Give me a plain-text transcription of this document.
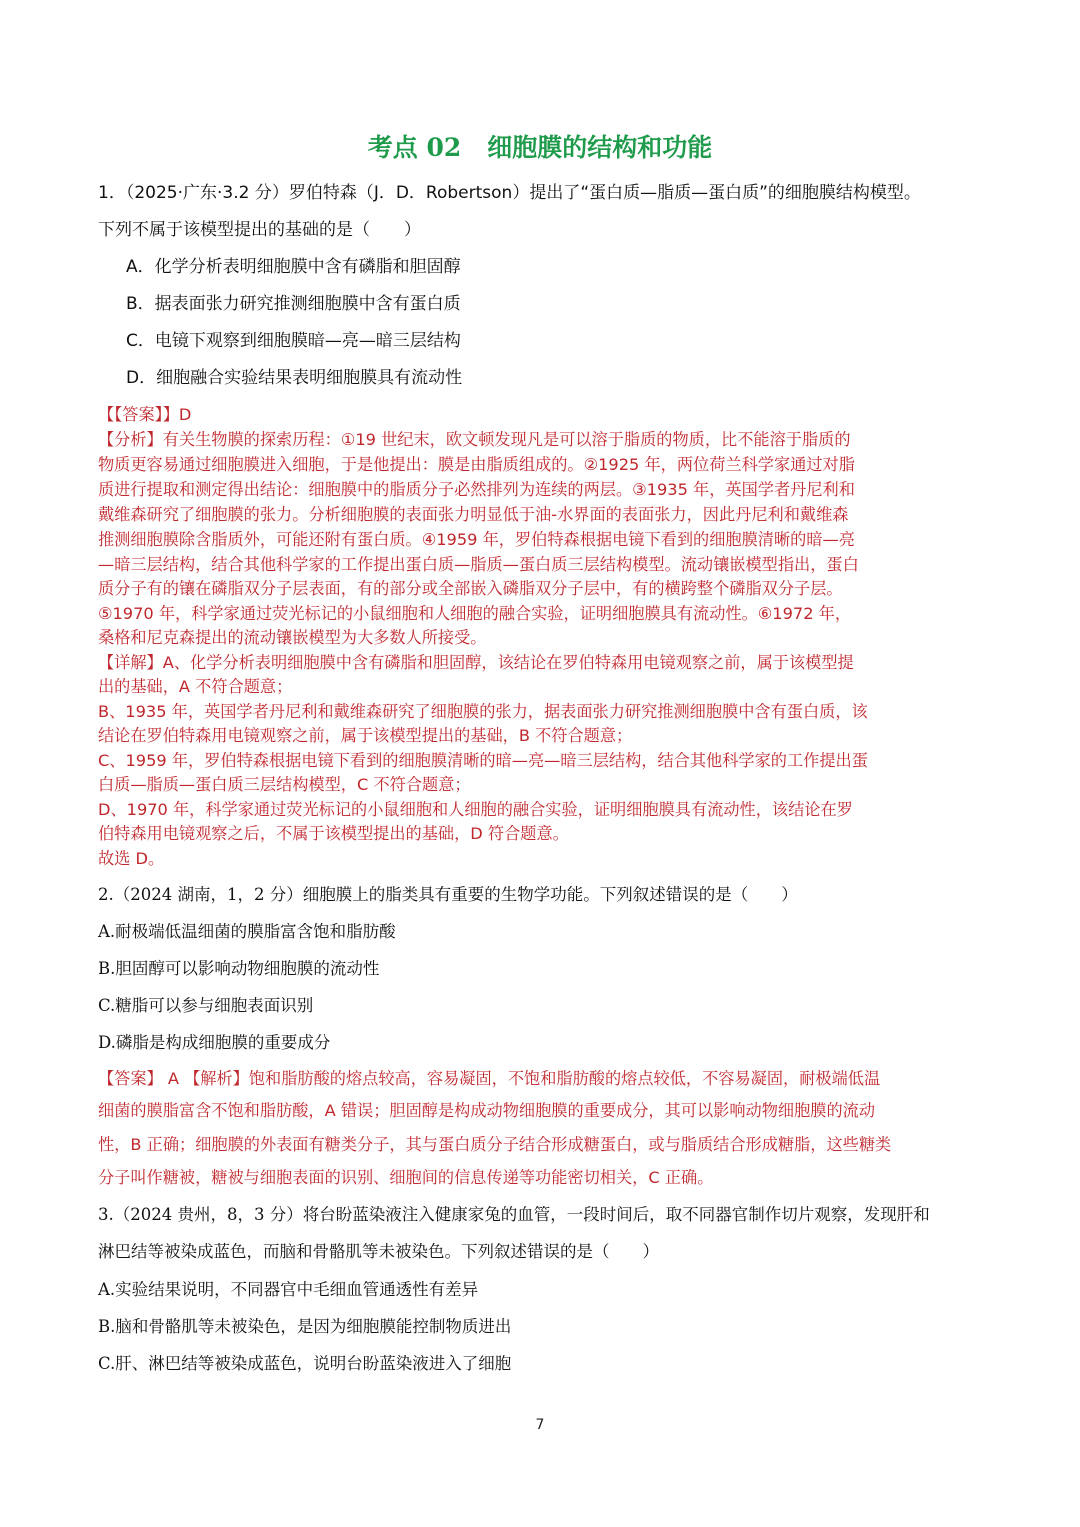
考点 02 细胞膜的结构和功能
1．（2025·广东·3.2 分）罗伯特森（J．D．Robertson）提出了“蛋白质—脂质—蛋白质”的细胞膜结构模型。
下列不属于该模型提出的基础的是（　　）
A．化学分析表明细胞膜中含有磷脂和胆固醇
B．据表面张力研究推测细胞膜中含有蛋白质
C．电镜下观察到细胞膜暗—亮—暗三层结构
D．细胞融合实验结果表明细胞膜具有流动性
【【答案】】D
【分析】有关生物膜的探索历程：①19 世纪末，欧文顿发现凡是可以溶于脂质的物质，比不能溶于脂质的
物质更容易通过细胞膜进入细胞，于是他提出：膜是由脂质组成的。②1925 年，两位荷兰科学家通过对脂
质进行提取和测定得出结论：细胞膜中的脂质分子必然排列为连续的两层。③1935 年，英国学者丹尼利和
戴维森研究了细胞膜的张力。分析细胞膜的表面张力明显低于油-水界面的表面张力，因此丹尼利和戴维森
推测细胞膜除含脂质外，可能还附有蛋白质。④1959 年，罗伯特森根据电镜下看到的细胞膜清晰的暗—亮
—暗三层结构，结合其他科学家的工作提出蛋白质—脂质—蛋白质三层结构模型。流动镶嵌模型指出，蛋白
质分子有的镶在磷脂双分子层表面，有的部分或全部嵌入磷脂双分子层中，有的横跨整个磷脂双分子层。
⑤1970 年，科学家通过荧光标记的小鼠细胞和人细胞的融合实验，证明细胞膜具有流动性。⑥1972 年，
桑格和尼克森提出的流动镶嵌模型为大多数人所接受。
【详解】A、化学分析表明细胞膜中含有磷脂和胆固醇，该结论在罗伯特森用电镜观察之前，属于该模型提
出的基础，A 不符合题意；
B、1935 年，英国学者丹尼利和戴维森研究了细胞膜的张力，据表面张力研究推测细胞膜中含有蛋白质，该
结论在罗伯特森用电镜观察之前，属于该模型提出的基础，B 不符合题意；
C、1959 年，罗伯特森根据电镜下看到的细胞膜清晰的暗—亮—暗三层结构，结合其他科学家的工作提出蛋
白质—脂质—蛋白质三层结构模型，C 不符合题意；
D、1970 年，科学家通过荧光标记的小鼠细胞和人细胞的融合实验，证明细胞膜具有流动性，该结论在罗
伯特森用电镜观察之后，不属于该模型提出的基础，D 符合题意。
故选 D。
2.（2024 湖南，1，2 分）细胞膜上的脂类具有重要的生物学功能。下列叙述错误的是（　　）
A.耐极端低温细菌的膜脂富含饱和脂肪酸
B.胆固醇可以影响动物细胞膜的流动性
C.糖脂可以参与细胞表面识别
D.磷脂是构成细胞膜的重要成分
【答案】 A 【解析】饱和脂肪酸的熔点较高，容易凝固，不饱和脂肪酸的熔点较低，不容易凝固，耐极端低温
细菌的膜脂富含不饱和脂肪酸，A 错误；胆固醇是构成动物细胞膜的重要成分，其可以影响动物细胞膜的流动
性，B 正确；细胞膜的外表面有糖类分子，其与蛋白质分子结合形成糖蛋白，或与脂质结合形成糖脂，这些糖类
分子叫作糖被，糖被与细胞表面的识别、细胞间的信息传递等功能密切相关，C 正确。
3.（2024 贵州，8，3 分）将台盼蓝染液注入健康家兔的血管，一段时间后，取不同器官制作切片观察，发现肝和
淋巴结等被染成蓝色，而脑和骨骼肌等未被染色。下列叙述错误的是（　　）
A.实验结果说明，不同器官中毛细血管通透性有差异
B.脑和骨骼肌等未被染色，是因为细胞膜能控制物质进出
C.肝、淋巴结等被染成蓝色，说明台盼蓝染液进入了细胞
7
